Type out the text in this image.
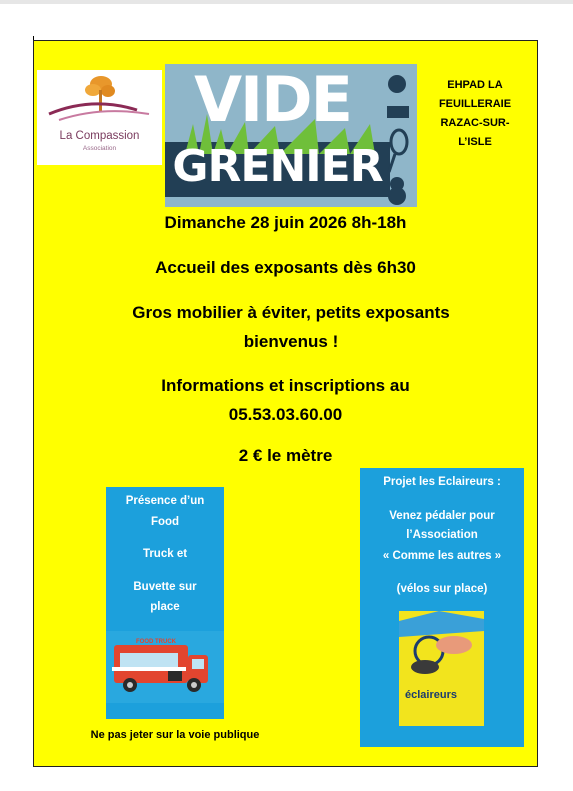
La Compassion
Association
VIDE
GRENIER
EHPAD LA
FEUILLERAIE
RAZAC-SUR-
L’ISLE
Dimanche 28 juin 2026 8h-18h
Accueil des exposants dès 6h30
Gros mobilier à éviter, petits exposants
bienvenus !
Informations et inscriptions au
05.53.03.60.00
2 € le mètre
Présence d’un
Food
Truck et
Buvette sur
place
FOOD TRUCK
Projet les Eclaireurs :
Venez pédaler pour
l’Association
« Comme les autres »
(vélos sur place)
éclaireurs
Ne pas jeter sur la voie publique
